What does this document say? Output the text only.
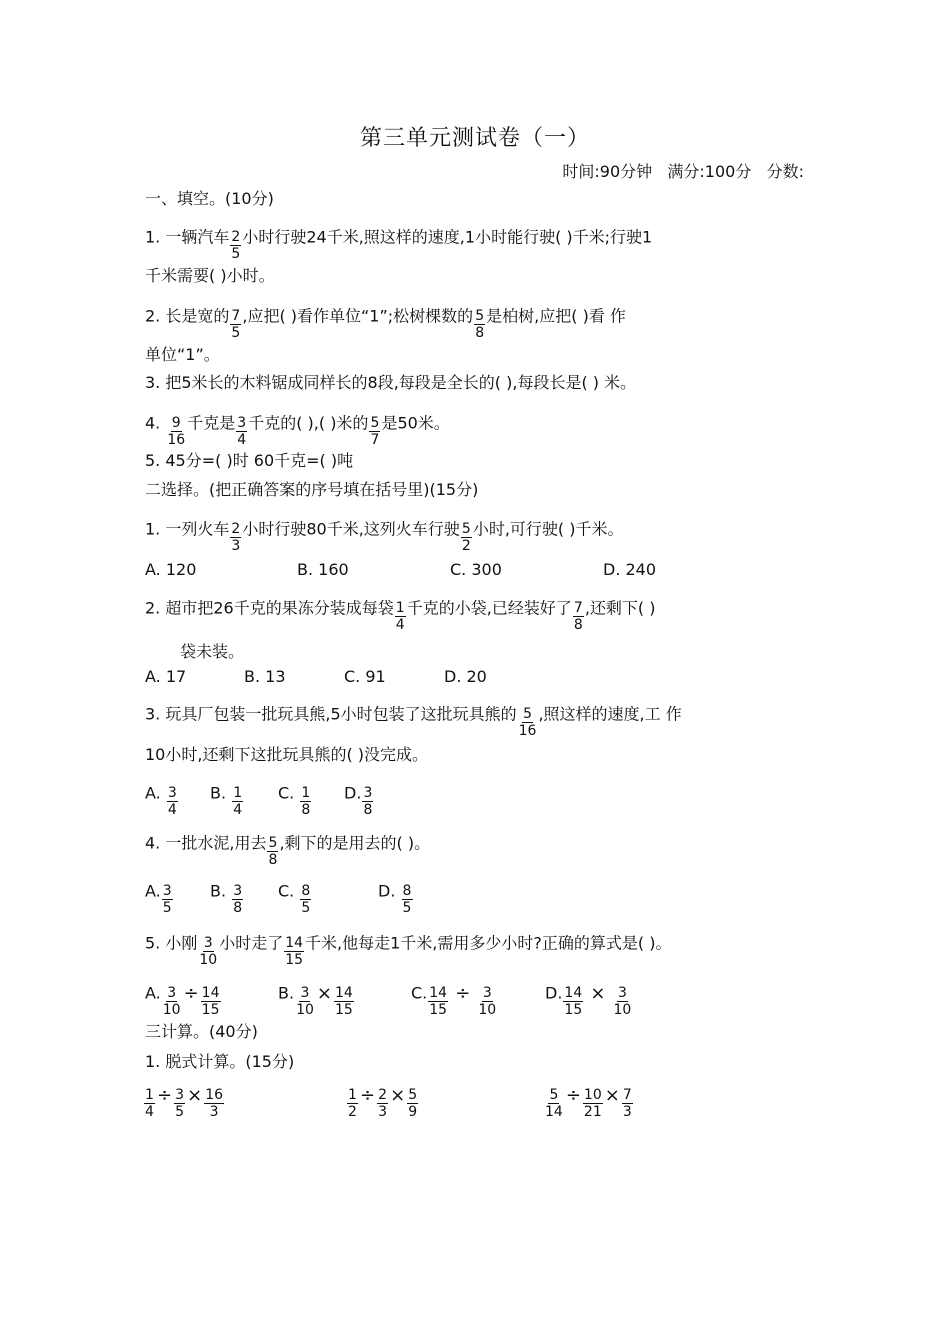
第三单元测试卷（一）
时间:90分钟   满分:100分   分数:
一、填空。(10分)
1. 一辆汽车 $\frac{2}{5}$ 小时行驶24千米,照这样的速度,1小时能行驶( )千米;行驶1
千米需要( )小时。
2. 长是宽的 $\frac{7}{5}$ ,应把( )看作单位“1”;松树棵数的 $\frac{5}{8}$ 是柏树,应把( )看 作
单位“1”。
3. 把5米长的木料锯成同样长的8段,每段是全长的( ),每段长是( ) 米。
4. $\frac{9}{16}$ 千克是 $\frac{3}{4}$ 千克的( ),( )米的 $\frac{5}{7}$ 是50米。
5. 45分=( )时 60千克=( )吨
二选择。(把正确答案的序号填在括号里)(15分)
1. 一列火车 $\frac{2}{3}$ 小时行驶80千米,这列火车行驶 $\frac{5}{2}$ 小时,可行驶( )千米。
A. 120	B. 160	C. 300	D. 240
2. 超市把26千克的果冻分装成每袋 $\frac{1}{4}$ 千克的小袋,已经装好了 $\frac{7}{8}$ ,还剩下( )
袋未装。
A. 17	B. 13	C. 91	D. 20
3. 玩具厂包装一批玩具熊,5小时包装了这批玩具熊的 $\frac{5}{16}$ ,照这样的速度,工 作
10小时,还剩下这批玩具熊的( )没完成。
A. $\frac{3}{4} B$. $\frac{1}{4} C$. $\frac{1}{8} D$. $\frac{3}{8}$
4. 一批水泥,用去 $\frac{5}{8}$ ,剩下的是用去的( )。
A. $\frac{3}{5} B$. $\frac{3}{8} C$. $\frac{8}{5}$	D. $\frac{8}{5}$
5. 小刚 $\frac{3}{10}$ 小时走了 $\frac{14}{15}$ 千米,他每走1千米,需用多少小时?正确的算式是( )。
A. $\frac{3}{10} \div \frac{14}{15}$	B. $\frac{3}{10} \times \frac{14}{15}$	C. $\frac{14}{15} \div \frac{3}{10}$	D. $\frac{14}{15} \times \frac{3}{10}$
三计算。(40分)
1. 脱式计算。(15分)
$\frac{1}{4} \div \frac{3}{5} \times \frac{16}{3}$	$\frac{1}{2} \div \frac{2}{3} \times \frac{5}{9}$	$\frac{5}{14} \div \frac{10}{21} \times \frac{7}{3}$
